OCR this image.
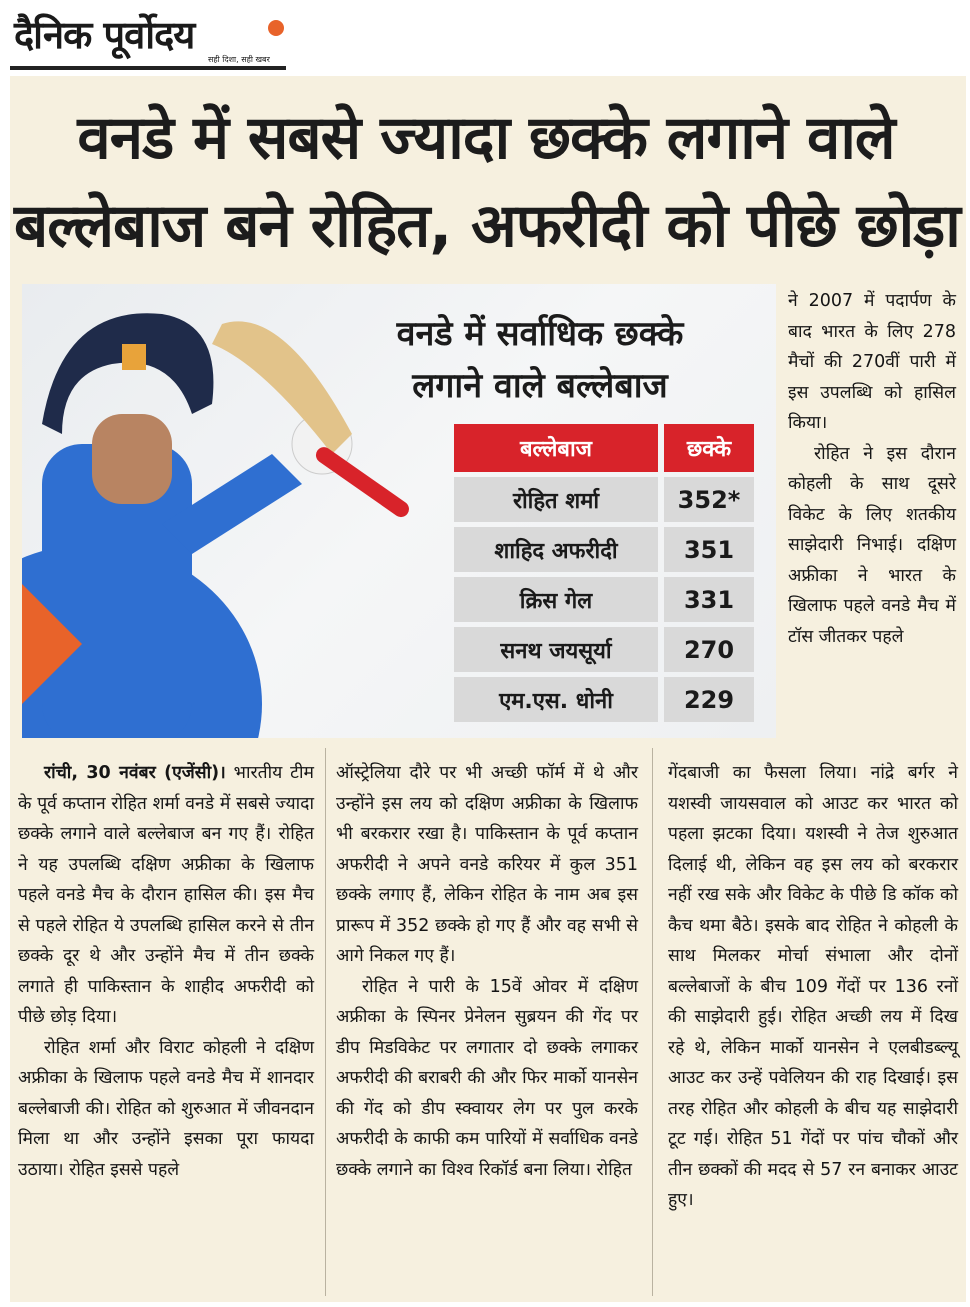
दैनिक पूर्वोदय
सही दिशा, सही खबर
वनडे में सबसे ज्यादा छक्के लगाने वाले
बल्लेबाज बने रोहित, अफरीदी को पीछे छोड़ा
वनडे में सर्वाधिक छक्के
लगाने वाले बल्लेबाज
बल्लेबाज	छक्के
रोहित शर्मा	352*
शाहिद अफरीदी	351
क्रिस गेल	331
सनथ जयसूर्या	270
एम.एस. धोनी	229

ने 2007 में पदार्पण के बाद भारत के लिए 278 मैचों की 270वीं पारी में इस उपलब्धि को हासिल किया।

रोहित ने इस दौरान कोहली के साथ दूसरे विकेट के लिए शतकीय साझेदारी निभाई। दक्षिण अफ्रीका ने भारत के खिलाफ पहले वनडे मैच में टॉस जीतकर पहले

रांची, 30 नवंबर (एजेंसी)। भारतीय टीम के पूर्व कप्तान रोहित शर्मा वनडे में सबसे ज्यादा छक्के लगाने वाले बल्लेबाज बन गए हैं। रोहित ने यह उपलब्धि दक्षिण अफ्रीका के खिलाफ पहले वनडे मैच के दौरान हासिल की। इस मैच से पहले रोहित ये उपलब्धि हासिल करने से तीन छक्के दूर थे और उन्होंने मैच में तीन छक्के लगाते ही पाकिस्तान के शाहीद अफरीदी को पीछे छोड़ दिया।

रोहित शर्मा और विराट कोहली ने दक्षिण अफ्रीका के खिलाफ पहले वनडे मैच में शानदार बल्लेबाजी की। रोहित को शुरुआत में जीवनदान मिला था और उन्होंने इसका पूरा फायदा उठाया। रोहित इससे पहले

ऑस्ट्रेलिया दौरे पर भी अच्छी फॉर्म में थे और उन्होंने इस लय को दक्षिण अफ्रीका के खिलाफ भी बरकरार रखा है। पाकिस्तान के पूर्व कप्तान अफरीदी ने अपने वनडे करियर में कुल 351 छक्के लगाए हैं, लेकिन रोहित के नाम अब इस प्रारूप में 352 छक्के हो गए हैं और वह सभी से आगे निकल गए हैं।

रोहित ने पारी के 15वें ओवर में दक्षिण अफ्रीका के स्पिनर प्रेनेलन सुब्रयन की गेंद पर डीप मिडविकेट पर लगातार दो छक्के लगाकर अफरीदी की बराबरी की और फिर मार्को यानसेन की गेंद को डीप स्क्वायर लेग पर पुल करके अफरीदी के काफी कम पारियों में सर्वाधिक वनडे छक्के लगाने का विश्व रिकॉर्ड बना लिया। रोहित

गेंदबाजी का फैसला लिया। नांद्रे बर्गर ने यशस्वी जायसवाल को आउट कर भारत को पहला झटका दिया। यशस्वी ने तेज शुरुआत दिलाई थी, लेकिन वह इस लय को बरकरार नहीं रख सके और विकेट के पीछे डि कॉक को कैच थमा बैठे। इसके बाद रोहित ने कोहली के साथ मिलकर मोर्चा संभाला और दोनों बल्लेबाजों के बीच 109 गेंदों पर 136 रनों की साझेदारी हुई। रोहित अच्छी लय में दिख रहे थे, लेकिन मार्को यानसेन ने एलबीडब्ल्यू आउट कर उन्हें पवेलियन की राह दिखाई। इस तरह रोहित और कोहली के बीच यह साझेदारी टूट गई। रोहित 51 गेंदों पर पांच चौकों और तीन छक्कों की मदद से 57 रन बनाकर आउट हुए।
